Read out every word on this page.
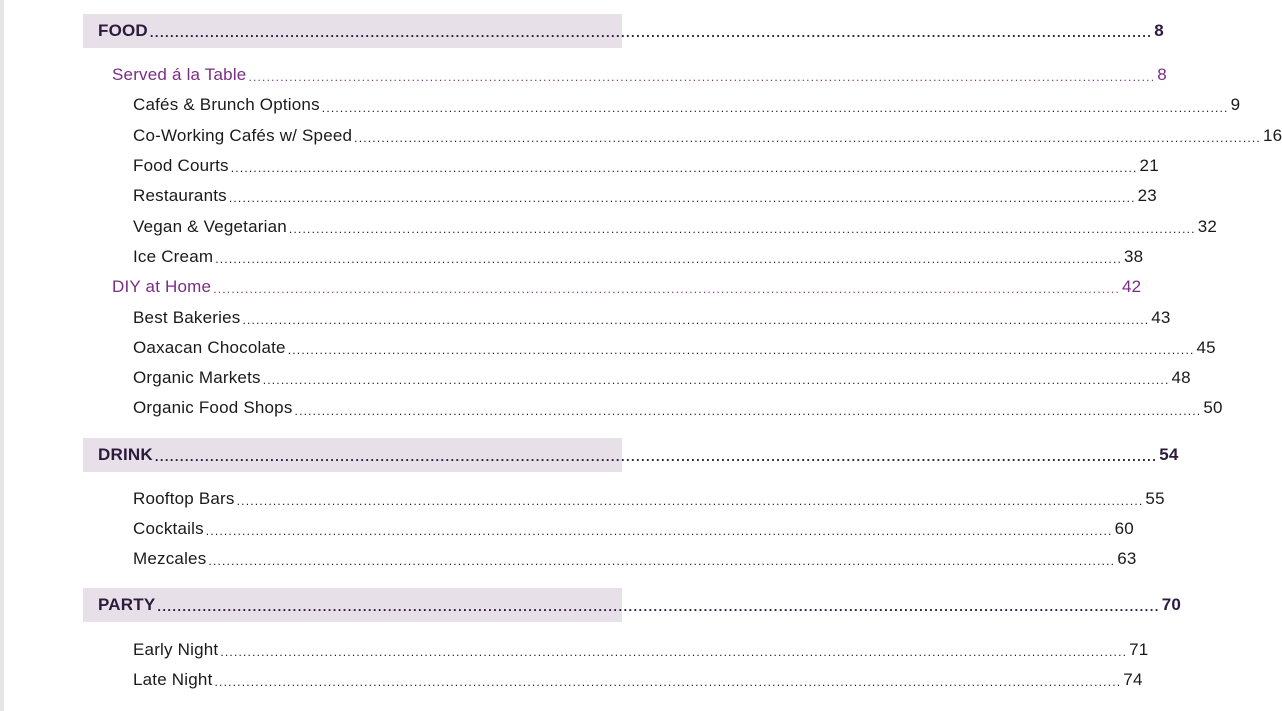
FOOD ........................................................................................................................................................................................................ 8
Served á la Table ........................................................................................................................................................................................................ 8
Cafés & Brunch Options ........................................................................................................................................................................................................ 9
Co-Working Cafés w/ Speed ........................................................................................................................................................................................................ 16
Food Courts ........................................................................................................................................................................................................ 21
Restaurants ........................................................................................................................................................................................................ 23
Vegan & Vegetarian ........................................................................................................................................................................................................ 32
Ice Cream ........................................................................................................................................................................................................ 38
DIY at Home ........................................................................................................................................................................................................ 42
Best Bakeries ........................................................................................................................................................................................................ 43
Oaxacan Chocolate ........................................................................................................................................................................................................ 45
Organic Markets ........................................................................................................................................................................................................ 48
Organic Food Shops ........................................................................................................................................................................................................ 50
DRINK ........................................................................................................................................................................................................ 54
Rooftop Bars ........................................................................................................................................................................................................ 55
Cocktails ........................................................................................................................................................................................................ 60
Mezcales ........................................................................................................................................................................................................ 63
PARTY ........................................................................................................................................................................................................ 70
Early Night ........................................................................................................................................................................................................ 71
Late Night ........................................................................................................................................................................................................ 74
